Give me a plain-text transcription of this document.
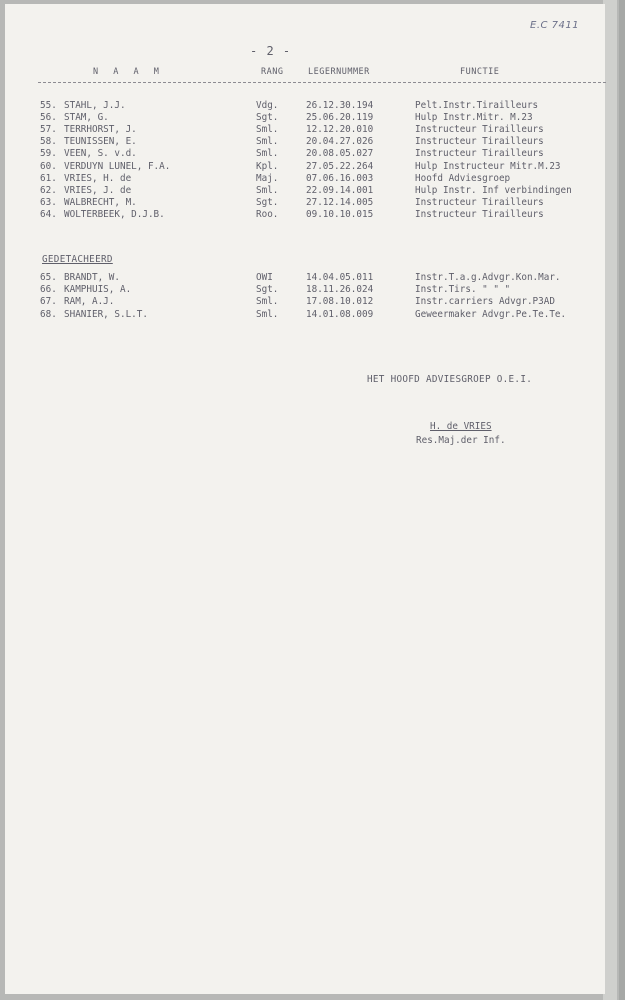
E.C 7411
- 2 -
N A A M	RANG	LEGERNUMMER	FUNCTIE
55. STAHL, J.J.	Vdg.	26.12.30.194	Pelt.Instr.Tirailleurs
56. STAM, G.	Sgt.	25.06.20.119	Hulp Instr.Mitr. M.23
57. TERRHORST, J.	Sml.	12.12.20.010	Instructeur Tirailleurs
58. TEUNISSEN, E.	Sml.	20.04.27.026	Instructeur Tirailleurs
59. VEEN, S. v.d.	Sml.	20.08.05.027	Instructeur Tirailleurs
60. VERDUYN LUNEL, F.A.	Kpl.	27.05.22.264	Hulp Instructeur Mitr.M.23
61. VRIES, H. de	Maj.	07.06.16.003	Hoofd Adviesgroep
62. VRIES, J. de	Sml.	22.09.14.001	Hulp Instr. Inf verbindingen
63. WALBRECHT, M.	Sgt.	27.12.14.005	Instructeur Tirailleurs
64. WOLTERBEEK, D.J.B.	Roo.	09.10.10.015	Instructeur Tirailleurs
GEDETACHEERD
65. BRANDT, W.	OWI	14.04.05.011	Instr.T.a.g.Advgr.Kon.Mar.
66. KAMPHUIS, A.	Sgt.	18.11.26.024	Instr.Tirs. " " "
67. RAM, A.J.	Sml.	17.08.10.012	Instr.carriers Advgr.P3AD
68. SHANIER, S.L.T.	Sml.	14.01.08.009	Geweermaker Advgr.Pe.Te.Te.
HET HOOFD ADVIESGROEP O.E.I.
H. de VRIES
Res.Maj.der Inf.
